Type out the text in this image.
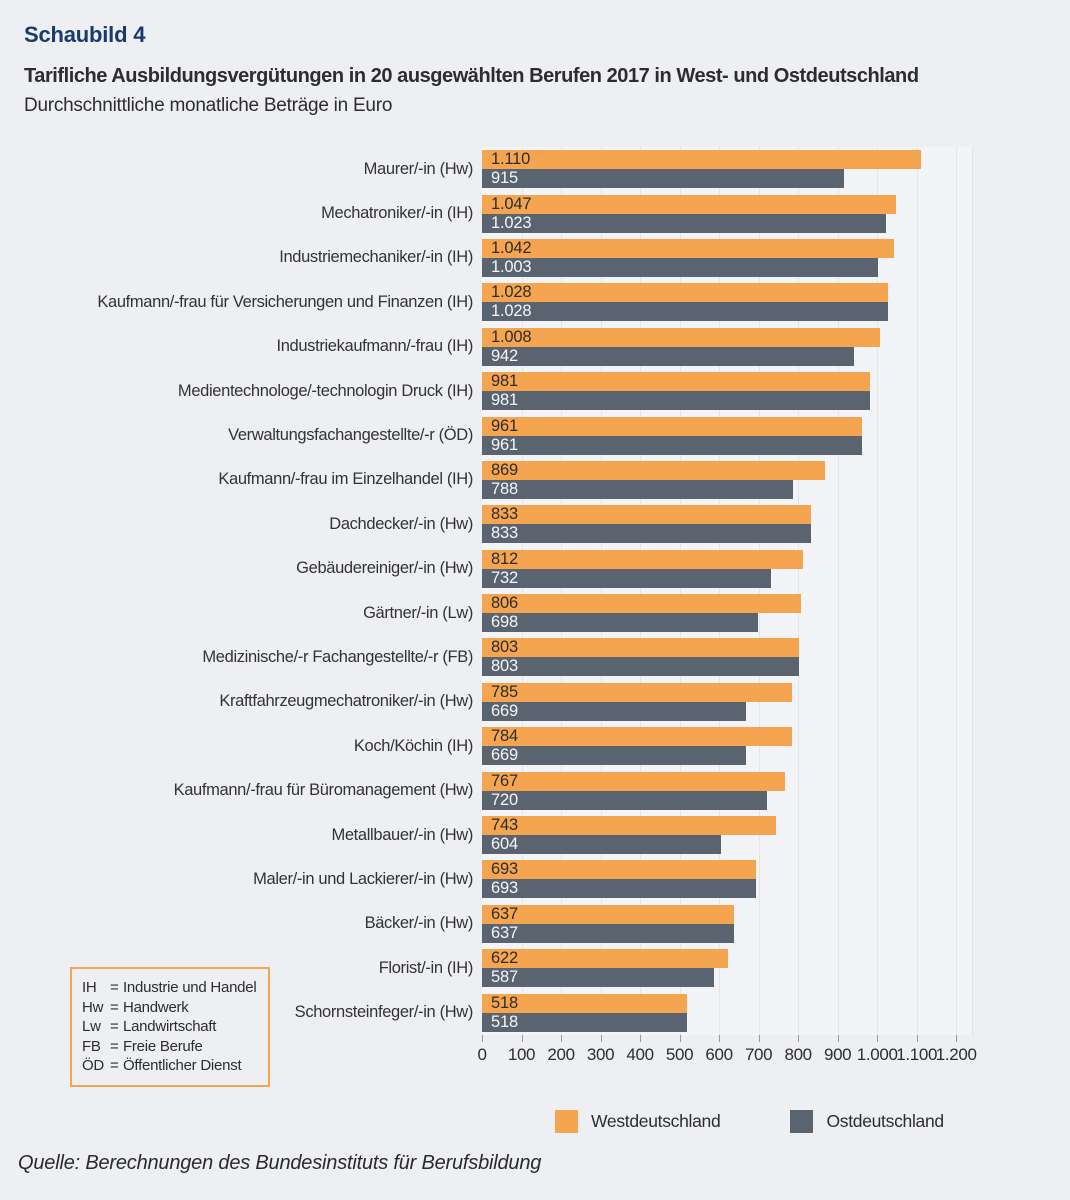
Schaubild 4
Tarifliche Ausbildungsvergütungen in 20 ausgewählten Berufen 2017 in West- und Ostdeutschland
Durchschnittliche monatliche Beträge in Euro
Maurer/-in (Hw)
1.110
915
Mechatroniker/-in (IH)
1.047
1.023
Industriemechaniker/-in (IH)
1.042
1.003
Kaufmann/-frau für Versicherungen und Finanzen (IH)
1.028
1.028
Industriekaufmann/-frau (IH)
1.008
942
Medientechnologe/-technologin Druck (IH)
981
981
Verwaltungsfachangestellte/-r (ÖD)
961
961
Kaufmann/-frau im Einzelhandel (IH)
869
788
Dachdecker/-in (Hw)
833
833
Gebäudereiniger/-in (Hw)
812
732
Gärtner/-in (Lw)
806
698
Medizinische/-r Fachangestellte/-r (FB)
803
803
Kraftfahrzeugmechatroniker/-in (Hw)
785
669
Koch/Köchin (IH)
784
669
Kaufmann/-frau für Büromanagement (Hw)
767
720
Metallbauer/-in (Hw)
743
604
Maler/-in und Lackierer/-in (Hw)
693
693
Bäcker/-in (Hw)
637
637
Florist/-in (IH)
622
587
Schornsteinfeger/-in (Hw)
518
518
0 100 200 300 400 500 600 700 800 900 1.000
1.100
1.200
IH = Industrie und Handel
Hw = Handwerk
Lw = Landwirtschaft
FB = Freie Berufe
ÖD = Öffentlicher Dienst
Westdeutschland	Ostdeutschland
Quelle: Berechnungen des Bundesinstituts für Berufsbildung
